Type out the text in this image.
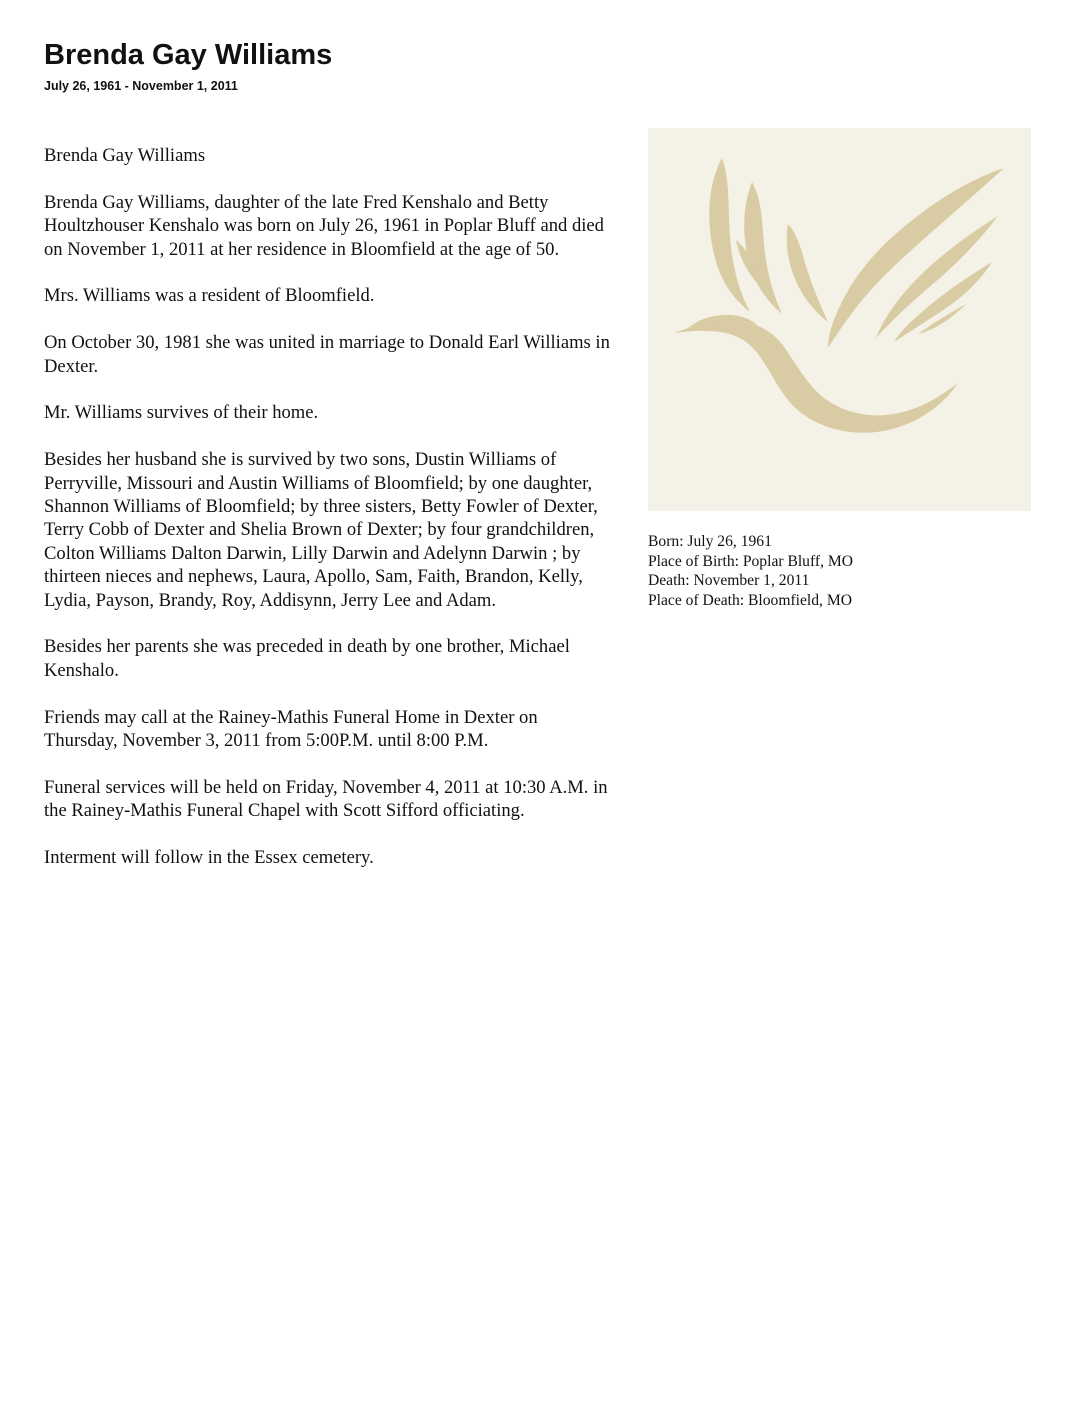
Brenda Gay Williams
July 26, 1961 - November 1, 2011

Brenda Gay Williams

Brenda Gay Williams, daughter of the late Fred Kenshalo and Betty Houltzhouser Kenshalo was born on July 26, 1961 in Poplar Bluff and died on November 1, 2011 at her residence in Bloomfield at the age of 50.

Mrs. Williams was a resident of Bloomfield.

On October 30, 1981 she was united in marriage to Donald Earl Williams in Dexter.

Mr. Williams survives of their home.

Besides her husband she is survived by two sons, Dustin Williams of Perryville, Missouri and Austin Williams of Bloomfield; by one daughter, Shannon Williams of Bloomfield; by three sisters, Betty Fowler of Dexter, Terry Cobb of Dexter and Shelia Brown of Dexter; by four grandchildren, Colton Williams Dalton Darwin, Lilly Darwin and Adelynn Darwin ; by thirteen nieces and nephews, Laura, Apollo, Sam, Faith, Brandon, Kelly, Lydia, Payson, Brandy, Roy, Addisynn, Jerry Lee and Adam.

Besides her parents she was preceded in death by one brother, Michael Kenshalo.

Friends may call at the Rainey-Mathis Funeral Home in Dexter on Thursday, November 3, 2011 from 5:00P.M. until 8:00 P.M.

Funeral services will be held on Friday, November 4, 2011 at 10:30 A.M. in the Rainey-Mathis Funeral Chapel with Scott Sifford officiating.

Interment will follow in the Essex cemetery.

Born: July 26, 1961
Place of Birth: Poplar Bluff, MO
Death: November 1, 2011
Place of Death: Bloomfield, MO
